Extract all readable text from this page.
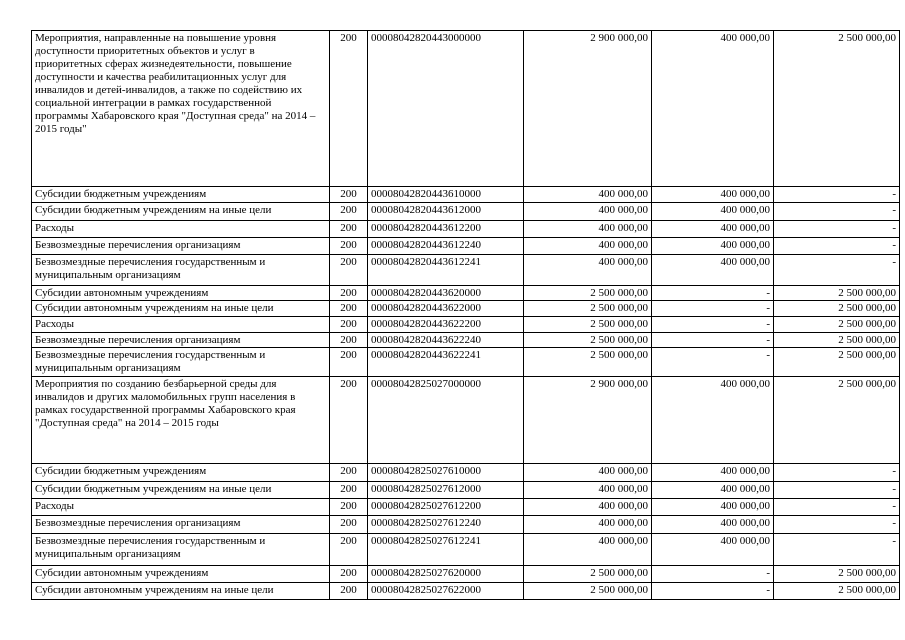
Мероприятия, направленные на повышение уровня доступности приоритетных объектов и услуг в приоритетных сферах жизнедеятельности, повышение доступности и качества реабилитационных услуг для инвалидов и детей-инвалидов, а также по содействию их социальной интеграции в рамках государственной программы Хабаровского края "Доступная среда" на 2014 – 2015 годы"	200	00008042820443000000	2 900 000,00	400 000,00	2 500 000,00
Субсидии бюджетным учреждениям	200	00008042820443610000	400 000,00	400 000,00	-
Субсидии бюджетным учреждениям на иные цели	200	00008042820443612000	400 000,00	400 000,00	-
Расходы	200	00008042820443612200	400 000,00	400 000,00	-
Безвозмездные перечисления организациям	200	00008042820443612240	400 000,00	400 000,00	-
Безвозмездные перечисления государственным и муниципальным организациям	200	00008042820443612241	400 000,00	400 000,00	-
Субсидии автономным учреждениям	200	00008042820443620000	2 500 000,00	-	2 500 000,00
Субсидии автономным учреждениям на иные цели	200	00008042820443622000	2 500 000,00	-	2 500 000,00
Расходы	200	00008042820443622200	2 500 000,00	-	2 500 000,00
Безвозмездные перечисления организациям	200	00008042820443622240	2 500 000,00	-	2 500 000,00
Безвозмездные перечисления государственным и муниципальным организациям	200	00008042820443622241	2 500 000,00	-	2 500 000,00
Мероприятия по созданию безбарьерной среды для инвалидов и других маломобильных групп населения в рамках государственной программы Хабаровского края "Доступная среда" на 2014 – 2015 годы	200	00008042825027000000	2 900 000,00	400 000,00	2 500 000,00
Субсидии бюджетным учреждениям	200	00008042825027610000	400 000,00	400 000,00	-
Субсидии бюджетным учреждениям на иные цели	200	00008042825027612000	400 000,00	400 000,00	-
Расходы	200	00008042825027612200	400 000,00	400 000,00	-
Безвозмездные перечисления организациям	200	00008042825027612240	400 000,00	400 000,00	-
Безвозмездные перечисления государственным и муниципальным организациям	200	00008042825027612241	400 000,00	400 000,00	-
Субсидии автономным учреждениям	200	00008042825027620000	2 500 000,00	-	2 500 000,00
Субсидии автономным учреждениям на иные цели	200	00008042825027622000	2 500 000,00	-	2 500 000,00
